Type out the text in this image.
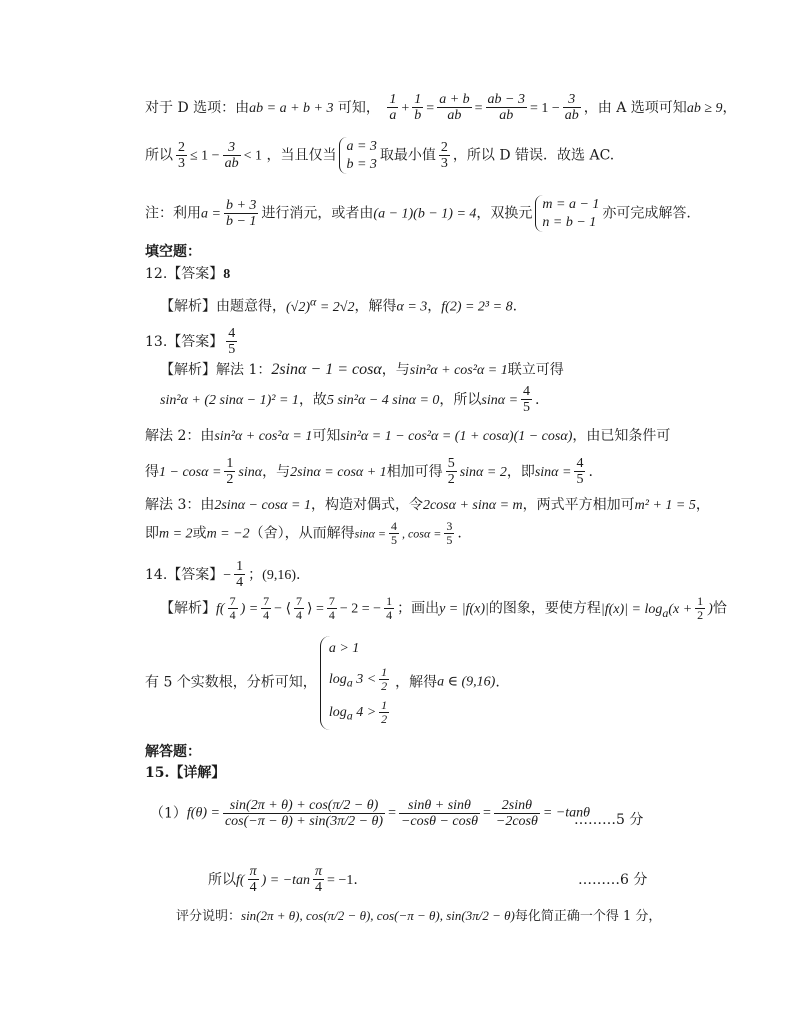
对于 D 选项：由ab = a + b + 3 可知， $\frac{1}{a} + \frac{1}{b} = \frac{a + b}{ab} = \frac{ab - 3}{ab} = 1 - \frac{3}{ab}$ ，由 A 选项可知ab ≥ 9，
所以 $\frac{2}{3} \le 1 - \frac{3}{ab} < 1$ ，当且仅当
a = 3
b = 3
取最小值 $\frac{2}{3}$ ，所以 D 错误．故选 AC.
注：利用$a = \frac{b + 3}{b - 1}$ 进行消元，或者由(a − 1)(b − 1) = 4，双换元
m = a − 1
n = b − 1
亦可完成解答.
填空题：
12.【答案】8
【解析】由题意得，$(√2)^\alpha = 2√2$，解得α = 3，f(2) = 2³ = 8.
13.【答案】 $\frac{4}{5}$
【解析】解法 1：2sinα − 1 = cosα，与sin²α + cos²α = 1联立可得
sin²α + (2 sinα − 1)² = 1，故5 sin²α − 4 sinα = 0，所以$\sin\alpha = \frac{4}{5}$ .
解法 2：由sin²α + cos²α = 1可知sin²α = 1 − cos²α = (1 + cosα)(1 − cosα)，由已知条件可
得$1 - \cos\alpha = \frac{1}{2}$ sinα，与2sinα = cosα + 1相加可得 $\frac{5}{2}$ sinα = 2，即$\sin\alpha = \frac{4}{5}$ .
解法 3：由2sinα − cosα = 1，构造对偶式，令2cosα + sinα = m，两式平方相加可m² + 1 = 5，
即m = 2或m = −2（舍），从而解得$\sin\alpha = \frac{4}{5}$ , $\cos\alpha = \frac{3}{5}$ .
14.【答案】− $\frac{1}{4}$ ；(9,16).
【解析】$f( \frac{7}{4}$ ) = $\frac{7}{4}$ − ⟨ $\frac{7}{4}$ ⟩ = $\frac{7}{4} - 2$ = − $\frac{1}{4}$ ；画出y = |f(x)|的图象，要使方程$|f(x)| = \log_a(x + \frac{1}{2}$ )恰
有 5 个实数根，分析可知，
a > 1
$\log_a 3 < \frac{1}{2}$
$\log_a 4 > \frac{1}{2}$
，解得a ∈ (9,16).
解答题：
15.【详解】
$(1)f(\theta) = \frac{\sin(2\pi + \theta) + \cos(\pi/2 - \theta)}{\cos(-\pi - \theta) + \sin(3\pi/2 - \theta)} = \frac{\sin\theta + \sin\theta}{-\cos\theta - \cos\theta} = \frac{2\sin\theta}{-2\cos\theta} = -\tan\theta$
………5 分
所以$f( \frac{\pi}{4}$ ) = $-\tan \frac{\pi}{4} = -1$.	………6 分
评分说明：sin(2π + θ), cos(π/2 − θ), cos(−π − θ), sin(3π/2 − θ)每化简正确一个得 1 分，
